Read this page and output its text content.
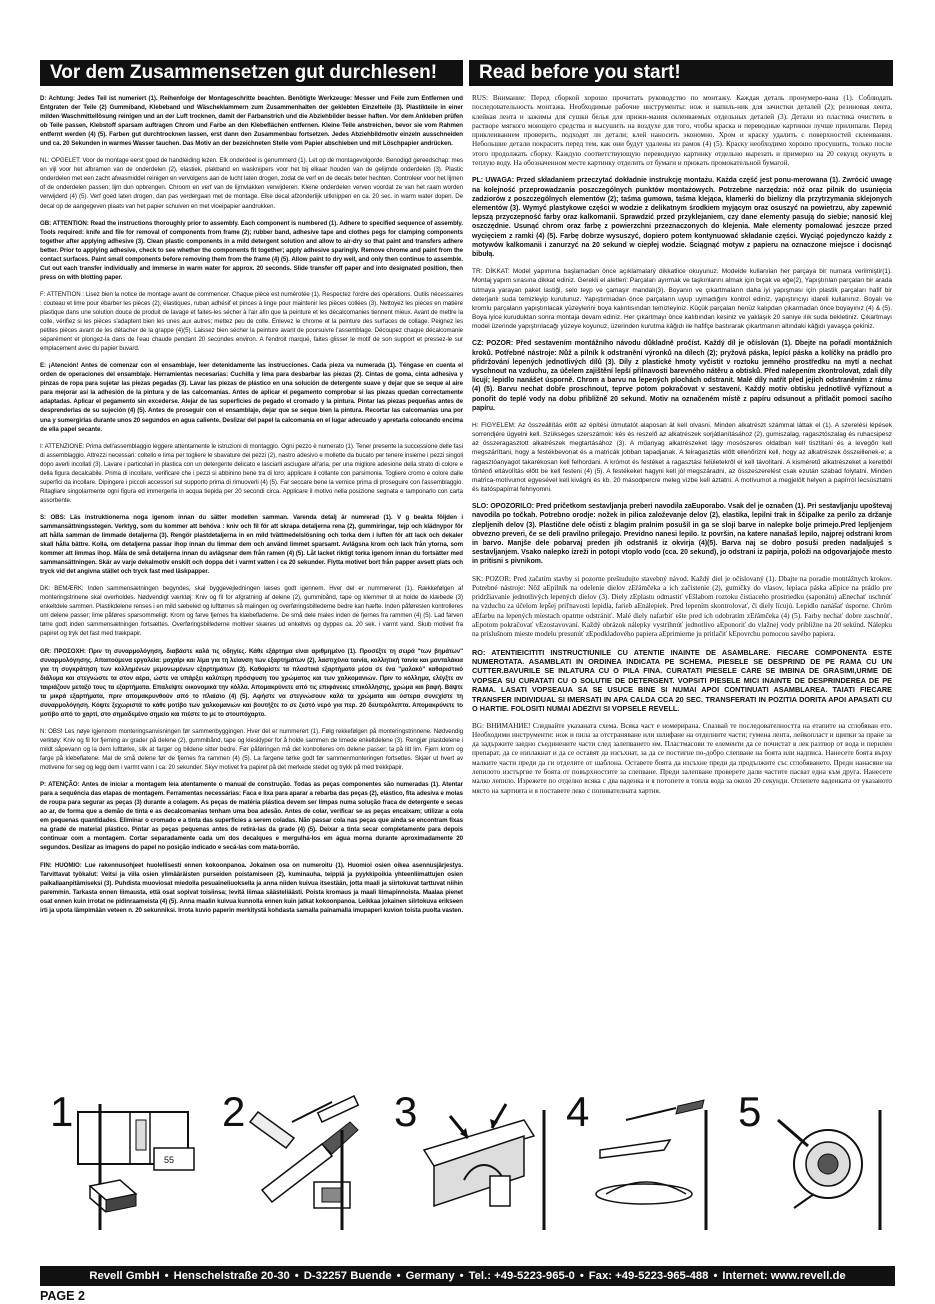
Vor dem Zusammensetzen gut durchlesen!	Read before you start!

D: Achtung: Jedes Teil ist numeriert (1). Reihenfolge der Montageschritte beachten. Benötigte Werkzeuge: Messer und Feile zum Entfernen und Entgraten der Teile (2) Gummiband, Klebeband und Wäscheklammern zum Zusammenhalten der geklebten Einzelteile (3). Plastikteile in einer milden Waschmittellösung reinigen und an der Luft trocknen, damit der Farbanstrich und die Abziehbilder besser haften. Vor dem Ankleben prüfen ob Teile passen, Klebstoff sparsam auftragen Chrom und Farbe an den Klebeflächen entfernen. Kleine Teile anstreichen, bevor sie vom Rahmen entfernt werden (4) (5). Farben gut durchtrocknen lassen, erst dann den Zusammenbau fortsetzen. Jedes Abziehbildmotiv einzeln ausschneiden und ca. 20 Sekunden in warmes Wasser tauchen. Das Motiv an der bezeichneten Stelle vom Papier abschieben und mit Löschpapier andrücken.

NL: OPGELET: Voor de montage eerst goed de handleiding lezen. Elk onderdeel is genummerd (1). Let op de montagevolgorde. Benodigd gereedschap: mes en vijl voor het afbramen van de onderdelen (2), elastiek, plakband en wasknijpers voor het bij elkaar houden van de gelijmde onderdelen (3). Plastic onderdelen met een zacht afwasmiddel reinigen en vervolgens aan de lucht laten drogen, zodat de verf en de decals beter hechten. Controleer voor het lijmen of de onderdelen passen; lijm dun opbrengen. Chroom en verf van de lijmvlakken verwijderen. Kleine onderdelen verven voordat ze van het raam worden verwijderd (4) (5). Verf goed laten drogen, dan pas verdergaan met de montage. Elke decal afzonderlijk uitknippen en ca. 20 sec. in warm water dopen. De decal op de aangegeven plaats van het papier schuiven en met vloeipapier aandrukken.

GB: ATTENTION: Read the instructions thoroughly prior to assembly. Each component is numbered (1). Adhere to specified sequence of assembly. Tools required: knife and file for removal of components from frame (2); rubber band, adhesive tape and clothes pegs for clamping components together after applying adhesive (3). Clean plastic components in a mild detergent solution and allow to air-dry so that paint and transfers adhere better. Prior to applying adhesive, check to see whether the components fit together; apply adhesive sparingly. Remove chrome and paint from the contact surfaces. Paint small components before removing them from the frame (4) (5). Allow paint to dry well, and only then continue to assemble. Cut out each transfer individually and immerse in warm water for approx. 20 seconds. Slide transfer off paper and into designated position, then press on with blotting paper.

F: ATTENTION : Lisez bien la notice de montage avant de commencer. Chaque pièce est numérotée (1). Respectez l'ordre des opérations. Outils nécessaires : couteau et lime pour ébarber les pièces (2); élastiques, ruban adhésif et pinces à linge pour maintenir les pièces collées (3). Nettoyez les pièces en matière plastique dans une solution douce de produit de lavage et faites-les sécher à l'air afin que la peinture et les décalcomanies tiennent mieux. Avant de mettre la colle, vérifiez si les pièces s'adaptent bien les unes aux autres; mettez peu de colle. Enlevez le chrome et la peinture des surfaces de collage. Peignez les petites pièces avant de les détacher de la grappe (4)(5). Laissez bien sécher la peinture avant de poursuivre l'assemblage. Découpez chaque décalcomanie séparément et plongez-la dans de l'eau chaude pendant 20 secondes environ. A l'endroit marqué, faites glisser le motif de son support et pressez-le sur emplacement avec du papier buvard.

E: ¡Atención! Antes de comenzar con el ensamblaje, leer detenidamente las instrucciones. Cada pieza va numerada (1). Téngase en cuenta el orden de operaciones del ensamblaje. Herramientas necesarias: Cuchilla y lima para desbarbar las piezas (2). Cintas de goma, cinta adhesiva y pinzas de ropa para sujetar las piezas pegadas (3). Lavar las piezas de plástico en una solución de detergente suave y dejar que se seque al aire para mejorar así la adhesión de la pintura y de las calcomanías. Antes de aplicar el pegamento comprobar si las piezas quedan correctamente adaptadas. Aplicar el pegamento sin excederse. Alejar de las superficies de pegado el cromado y la pintura. Pintar las piezas pequeñas antes de desprenderlas de su sujeción (4) (5). Antes de proseguir con el ensamblaje, dejar que se seque bien la pintura. Recortar las calcomanías una por una y sumergirlas durante unos 20 segundos en agua caliente. Deslizar del papel la calcomanía en el lugar adecuado y apretarla colocando encima de ella papel secante.

I: ATTENZIONE: Prima dell'assemblaggio leggere attentamente le istruzioni di montaggio. Ogni pezzo è numerato (1). Tener presente la successione delle fasi di assemblaggio. Attrezzi necessari: coltello e lima per togliere le sbavature dei pezzi (2), nastro adesivo e mollette da bucato per tenere insieme i pezzi singoli dopo averli incollati (3). Lavare i particolari in plastica con un detergente delicato e lasciarli asciugare all'aria, per una migliore adesione della strato di colore e della figura decalcabile. Prima di incollare, verificare che i pezzi si abbinino bene tra di loro; applicare il collante con parsimonia. Togliere cromo e colore dalle superfici da incollare. Dipingere i piccoli accessori sul supporto prima di rimuoverli (4) (5). Far seccare bene la vernice prima di proseguire con l'assemblaggio. Ritagliare singolarmente ogni figura ed immergerla in acqua tiepida per 20 secondi circa. Applicare il motivo nella posizione segnata e tamponarlo con carta assorbente.

S: OBS: Läs instruktionerna noga igenom innan du sätter modellen samman. Varenda detalj är numrerad (1). V g beakta följden i sammansättningsstegen. Verktyg, som du kommer att behöva : kniv och fil för att skrapa detaljerna rena (2), gummiringar, tejp och klädnypor för att hålla samman de limmade detaljerna (3). Rengör plastdetaljerna in en mild tvättmedelslösning och torka dem i luften för att lack och dekaler skall hålla bättre. Kolla, om detaljerna passar ihop innan du limmar dem och använd limmet sparsamt. Avlägsna krom och lack från ytorna, som kommer att limmas ihop. Måla de små detaljerna innan du avlägsnar dem från ramen (4) (5). Låt lacket riktigt torka igenom innan du fortsätter med sammansättningen. Skär av varje dekalmotiv enskilt och doppa det i varmt vatten i ca 20 sekunder. Flytta motivet bort från papper avsett plats och tryck vid det angivna stället och tryck fast med läskpapper.

DK: BEMÆRK: Inden sammensætningen begyndes, skal byggevejledningen læses godt igennem. Hver del er nummereret (1). Rækkefølgen af monteringstrinene skal overholdes. Nødvendigt værktøj: Kniv og fil for afgratning af delene (2), gummibånd, tape og klemmer til at holde de klæbede (3) enkeltdele sammen. Plastikdelene renses i en mild sæbeled og lufttørres så malingen og overføringsbillederne bedre kan hæfte. Inden påføreslen kontrolleres om delene passer; lime påføres sparsommeligt. Krom og farve fjernes fra klæbefladerne. De små dele males inden de fjernes fra rammen (4) (5). Lad farven tørre godt inden sammensætningen fortsættes. Overføringsbillederne mottiver skæres ud enkeltvis og dyppes ca. 20 sek. i varmt vand. Skub motivet fra papiret og tryk det fast med trækpapir.

GR: ΠΡΟΣΟΧΗ: Πριν τη συναρμολόγηση, διαβάστε καλά τις οδηγίες. Κάθε εξάρτημα είναι αριθμημένο (1). Προσέξτε τη σειρά "των βημάτων" συναρμολόγησης. Απαιτούμενα εργαλεία: μαχαίρι και λίμα για τη λείανση των εξαρτημάτων (2), λαστιχένια ταινία, κολλητική ταινία και μανταλάκια για τη συγκράτηση των κολλημένων μεμονωμένων εξαρτημάτων (3). Καθαρίστε τα πλαστικά εξαρτήματα μέσα σε ένα "μαλακό" καθαριστικό διάλυμα και στεγνώστε τα στον αέρα, ώστε να υπάρξει καλύτερη πρόσφυση του χρώματος και των χαλκομανιών. Πριν το κόλλημα, ελέγξτε αν ταιριάζουν μεταξύ τους τα εξαρτήματα. Επαλείψτε οικονομικά την κόλλα. Απομακρύνετε από τις επιφάνειες επικόλλησης, χρώμα και βαφή. Βάψτε τα μικρά εξαρτήματα, πριν απομακρυνθούν από το πλαίσιο (4) (5). Αφήστε να στεγνώσουν καλά τα χρώματα και ύστερα συνεχίστε τη συναρμολόγηση. Κόψτε ξεχωριστά το κάθε μοτίβο των χαλκομανιών και βουτήξτε το σε ζεστό νερό για περ. 20 δευτερόλεπτα. Απομακρύνετε το μοτίβο από το χαρτί, στο σημαδεμένο σημείο και πιέστε το με το στουπόχαρτο.

N: OBS! Les nøye igjennom monteringsanvisningen før sammenbyggingen. Hver del er nummerert (1). Følg rekkefølgen på monteringstrinnene. Nødvendig verktøy: Kniv og fil for fjerning av grader på delene (2), gummibånd, tape og klesklyper for å holde sammen de limede enkeltdelene (3). Rengjør plastdelene i mildt såpevann og la dem lufttørke, slik at farger og bildene sitter bedre. Før påføringen må det kontrolleres om delene passer; ta på litt lim. Fjern krom og farge på klebeflatene. Mal de små delene før de fjernes fra rammen (4) (5). La fargene tørke godt før sammenmonteringen fortsettes. Skjær ut hvert av motivene for seg og legg dem i varmt vann i ca. 20 sekunder. Skyv motivet fra papiret på det merkede stedet og trykk på med trekkpapir.

P: ATENÇÃO: Antes de iniciar a montagem leia atentamente o manual de construção. Todas as peças componentes são numeradas (1). Atentar para a sequência das etapas de montagem. Ferramentas necessárias: Faca e lixa para aparar a rebarba das peças (2), elástico, fita adesiva e molas de roupa para segurar as peças (3) durante a colagem. As peças de matéria plástica devem ser limpas numa solução fraca de detergente e secas ao ar, de forma que a demão de tinta e as decalcomanias tenham uma boa adesão. Antes de colar, verificar se as peças encaixam; utilizar a cola em pequenas quantidades. Eliminar o cromado e a tinta das superfícies a serem coladas. Não passar cola nas peças que ainda se encontram fixas na grade de material plástico. Pintar as peças pequenas antes de retirá-las da grade (4) (5). Deixar a tinta secar completamente para depois continuar com a montagem. Cortar separadamente cada um dos decalques e mergulhá-los em água morna durante aproximadamente 20 segundos. Deslizar as imagens do papel no posição indicado e secá-las com mata-borrão.

FIN: HUOMIO: Lue rakennusohjeet huolellisesti ennen kokoonpanoa. Jokainen osa on numeroitu (1). Huomioi osien oikea asennusjärjestys. Tarvittavat työkalut: Veitsi ja viila osien ylimääräisten purseiden poistamiseen (2), kuminauha, teippiä ja pyykkipoikia yhteenliimattujen osien paikallaanpitämiseksi (3). Puhdista muoviosat miedolla pesuaineliuoksella ja anna niiden kuivua itsestään, jotta maali ja siirtokuvat tarttuvat niihin paremmin. Tarkasta ennen liimausta, että osat sopivat toisiinsa; levitä liimaa säästeliäästi. Poista kromaus ja maali liimapinnoista. Maalaa pienet osat ennen kuin irrotat ne pidinraameista (4) (5). Anna maalin kuivua kunnolla ennen kuin jatkat kokoonpanoa. Leikkaa jokainen siirtokuva erikseen irti ja upota lämpimään veteen n. 20 sekunniksi. Irrota kuvio paperin merkitystä kohdasta samalla painamalla imupaperi kuvion toista puolta vasten.

RUS: Внимание: Перед сборкой хорошо прочитать руководство по монтажу. Каждая деталь пронумеро-вана (1). Соблюдать последовательность монтажа. Необходимые рабочие инструменты: нож и напиль-ник для зачистки деталей (2); резиновая лента, клейкая лента и зажимы для сушки белья для прижи-мания склеиваемых отдельных деталей (3). Детали из пластика очистить в растворе мягкого моющего средства и высушить на воздухе для того, чтобы краска и переводные картинки лучше прилипали. Перед приклеиванием проверить, подходят ли детали; клей наносить экономно. Хром и краску удалить с поверхностей склеивания. Небольшие детали покрасить перед тем, как они будут удалены из рамок (4) (5). Краску необходимо хорошо просушить, только после этого продолжать сборку. Каждую соответствующую переводную картинку отдельно вырезать и примерно на 20 секунд окунуть в теплую воду. На обозначенном месте картинку отделить от бумаги и прижать промокательной бумагой.

PL: UWAGA: Przed składaniem przeczytać dokładnie instrukcję montażu. Każda część jest ponu-merowana (1). Zwrócić uwagę na kolejność przeprowadzania poszczególnych punktów montażowych. Potrzebne narzędzia: nóż oraz pilnik do usunięcia zadziorów z poszczególnych elementów (2); taśma gumowa, taśma klejąca, klamerki do bielizny dla przytrzymania sklejonych elementów (3). Wymyć plastykowe części w wodzie z delikatnym środkiem myjącym oraz osuszyć na powietrzu, aby zapewnić lepszą przyczepność farby oraz kalkomanii. Sprawdzić przed przyklejaniem, czy dane elementy pasują do siebie; nanosić klej oszczędnie. Usunąć chrom oraz farbę z powierzchni przeznaczonych do klejenia. Małe elementy pomalować jeszcze przed wycięciem z ramki (4) (5). Farbę dobrze wysuszyć, dopiero potem kontynuować składanie części. Wyciąć pojedynczo każdy z motywów kalkomanii i zanurzyć na 20 sekund w ciepłej wodzie. Ściągnąć motyw z papieru na oznaczone miejsce i docisnąć bibułą.

TR: DİKKAT: Model yapımına başlamadan önce açıklamalarý dikkatlice okuyunuz. Modelde kullanılan her parçaya bir numara verilmiştir(1). Montaj yapım sırasına dikkat ediniz. Gerekli el aletleri: Parçaları ayırmak ve taşkınlarını almak için bıçak ve eğe(2), Yapıştırılan parçaları bir arada tutmaya yarayan paket lastiği, selo teyp ve çamaşır mandalı(3). Boyanın ve çıkartmaların daha iyi yapışması için plastik parçaları hafif bir deterjanlı suda temizleyip kurutunuz. Yapıştırmadan önce parçaların uyup uymadığını kontrol ediniz, yapıştırıcıyı idareli kullanınız. Boyalı ve kromlu parçaların yapıştırılacak yüzeylerini boya kalıntısından temizleyiniz. Küçük parçaları henüz kalıpdan çıkarmadan önce boyayınız (4) & (5). Boya iyice kuruduktan sonra montaja devam ediniz. Her çıkartmayı önce kalıbından kesiniz ve yaklaşık 20 saniye ılık suda bekletiniz. Çıkartmayı model üzerinde yapıştırılacağı yüzeye koyunuz, üzerinden kurutma kâğıdı ile hafifçe bastırarak çıkartmanın altındaki kâğıdı yavaşça çekiniz.

CZ: POZOR: Před sestavením montážního návodu důkladně pročíst. Každý díl je očíslován (1). Dbejte na pořadí montážních kroků. Potřebné nástroje: Nůž a pilník k odstranění výronků na dílech (2); pryžová páska, lepící páska a kolíčky na prádlo pro přidržování lepených jednotlivých dílů (3). Díly z plastické hmoty vyčistit v roztoku jemného prostředku na mytí a nechat vyschnout na vzduchu, za účelem zajištění lepší přilnavosti barevného nátěru a obtisků. Před nalepením zkontrolovat, zdali díly lícují; lepidlo nanášet úsporně. Chrom a barvu na lepených plochách odstranit. Malé díly natřít před jejich odstraněním z rámu (4) (5). Barvu nechat dobře proschnout, teprve potom pokračovat v sestavení. Každý motiv obtisku jednotlivě vyříznout a ponořit do teplé vody na dobu přibližně 20 sekund. Motiv na označeném místě z papíru odsunout a přitlačit pomocí sacího papíru.

H: FIGYELEM: Az összeállítás előtt az építési útmutatót alaposan át kell olvasni. Minden alkatrészt számmal láttak el (1). A szerelési lépések sorrendjére ügyelni kell. Szükséges szerszámok: kés és reszelő az alkatrészek sorjátlanításához (2), gumiszalag, ragasztószalag és ruhacsipesz az összeragasztott alkatrészek megtartásához (3). A műanyag alkatrészeket lágy mosószeres oldatban kell tisztítani és a levegőn kell megszáríttani, hogy a festékbevonat és a matricák jobban tapadjanak. A felragasztás előtt ellenőrizni kell, hogy az alkatrészek összeillenek-e; a ragasztóanyagot takarékosan kell felhordani. A krómot és festéket a ragasztási felületekről el kell távolítani. A kisméretű alkatrészeket a keretből történő eltávolítás előtt be kell festeni (4) (5). A festékeket hagyni kell jól megszáradni, az összeszerelést csak ezután szabad folytatni. Minden matrica-motívumot egyesével kell kivágni és kb. 20 másodpercre meleg vízbe kell áztatni. A motívumot a megjelölt helyen a papírról lecsúsztatni és itatóspapírral fehnyomni.

SLO: OPOZORILO: Pred pričetkom sestavljanja preberi navodila zaEuporabo. Vsak del je označen (1). Pri sestavljanju upoštevaj navodila po točkah. Potrebno orodje: nožek in pilica založevanje delov (2), elastika, lepilni trak in ščipalke za perilo za držanje zlepljenih delov (3). Plastične dele očisti z blagim pralnim posušil in ga se sloji barve in nalepke bolje primejo.Pred lepljenjem obvezno preveri, če se deli pravilno prilegajo. Previdno nanesi lepilo. Iz površin, na katere nanašaš lepilo, najprej odstrani krom in barvo. Manjše dele pobarvaj preden jih odstraniš iz okvirja (4)(5). Barva naj se dobro posuši preden nadaljuješ s sestavljanjem. Vsako nalepko izreži in potopi vtoplo vodo (cca. 20 sekund), jo odstrani iz papirja, položi na odgovarjajoče mesto in pritisni s pivnikom.

SK: POZOR: Pred začatím stavby si pozorne preštudujte stavebný návod. Každý diel je očíslovaný (1). Dbajte na poradie montážnych krokov. Potrebné nástroje: Nôž aEpilník na odelenie dielov zEŕámčeka a ich začistenie (2), gumičky do vlasov, lepiaca páska aEpice na prádlo pre pridržiavanie jednotlivých lepených dielov (3). Diely zEplastu odmastiť vEšlabom roztoku čistiaceho prostriedku (saponátu) aEnechať uschnúť na vzduchu za účelom lepšej priľnavosti lepidla, farieb aEnálepiek. Pred lepením skontrolovať, či diely lícujú. Lepidlo nanášať úsporne. Chróm aEfarbu na lepených miestach opatrne odstrániť. Malé diely nafarbiť ešte pred ich odobratím zEŕámčeka (4) (5). Farby nechať dobre zaschnúť, aEpotom pokračovať vEzostavovaní. Každý obrázok nálepky vystrihnúť jednotlivo aEponoriť do vlažnej vody približne na 20 sekúnd. Nálepku na príslušnom mieste modelu presunúť zEpodkladového papiera aEprimierne ju pritlačiť kEpovrchu pomocou savého papiera.

RO: ATENTIEICITITI INSTRUCTIUNILE CU ATENTIE INAINTE DE ASAMBLARE. FIECARE COMPONENTA ESTE NUMEROTATA. ASAMBLATI IN ORDINEA INDICATA PE SCHEMA. PIESELE SE DESPRIND DE PE RAMA CU UN CUTTER.BAVURILE SE INLATURA CU O PILA FINA. CURATATI PIESELE CARE SE IMBINA DE GRASIMI,URME DE VOPSEA SU CURATATI CU O SOLUTIE DE DETERGENT. VOPSITI PIESELE MICI INAINTE DE DESPRINDEREA DE PE RAMA. LASATI VOPSEAUA SA SE USUCE BINE SI NUMAI APOI CONTINUATI ASAMBLAREA. TAIATI FIECARE TRANSFER INDIVIDUAL SI IMERSATI IN APA CALDA CCA 20 SEC. TRANSFERATI IN POZITIA DORITA APOI APASATI CU O HARTIE. FOLOSITI NUMAI ADEZIVI SI VOPSELE REVELL.

BG: ВНИМАНИЕ! Следвайте указаната схема. Всяка част е номерирана. Спазвай те последователността на етапите на сглобяван ето. Необходими инструменти: нож и пила за отстраняване или шлифане на отделните части; гумена лента, лейкопласт и щипки за пране за да задържите заедно съединените части след залепването им. Пластмасови те елементи да се почистат в лек разтвор от вода и перилен препарат, да се изплакнат и да се оставят да изсъхнат, за да се постигне по-добро слепване на боята или надписа. Нанесете боята върху малките части преди да ги отделите от шаблона. Оставете боята да изсъхне преди да продължите със сглобяването. Преди нанасяне на лепилото изстъргве те боята от повърхностите за слепване. Преди залепване проверете дали частите пасват една към друга. Нанесете малко лепило. Изрежете по отделно всяка с два ваденка и я потопете в топла вода за около 20 секунди. Отлепете ваденката от указаното място на хартията и я поставете леко с попивателната хартия.

1
55
2	3	4	5
Revell GmbH • Henschelstraße 20-30 • D-32257 Buende • Germany • Tel.: +49-5223-965-0 • Fax: +49-5223-965-488 • Internet: www.revell.de
PAGE 2
